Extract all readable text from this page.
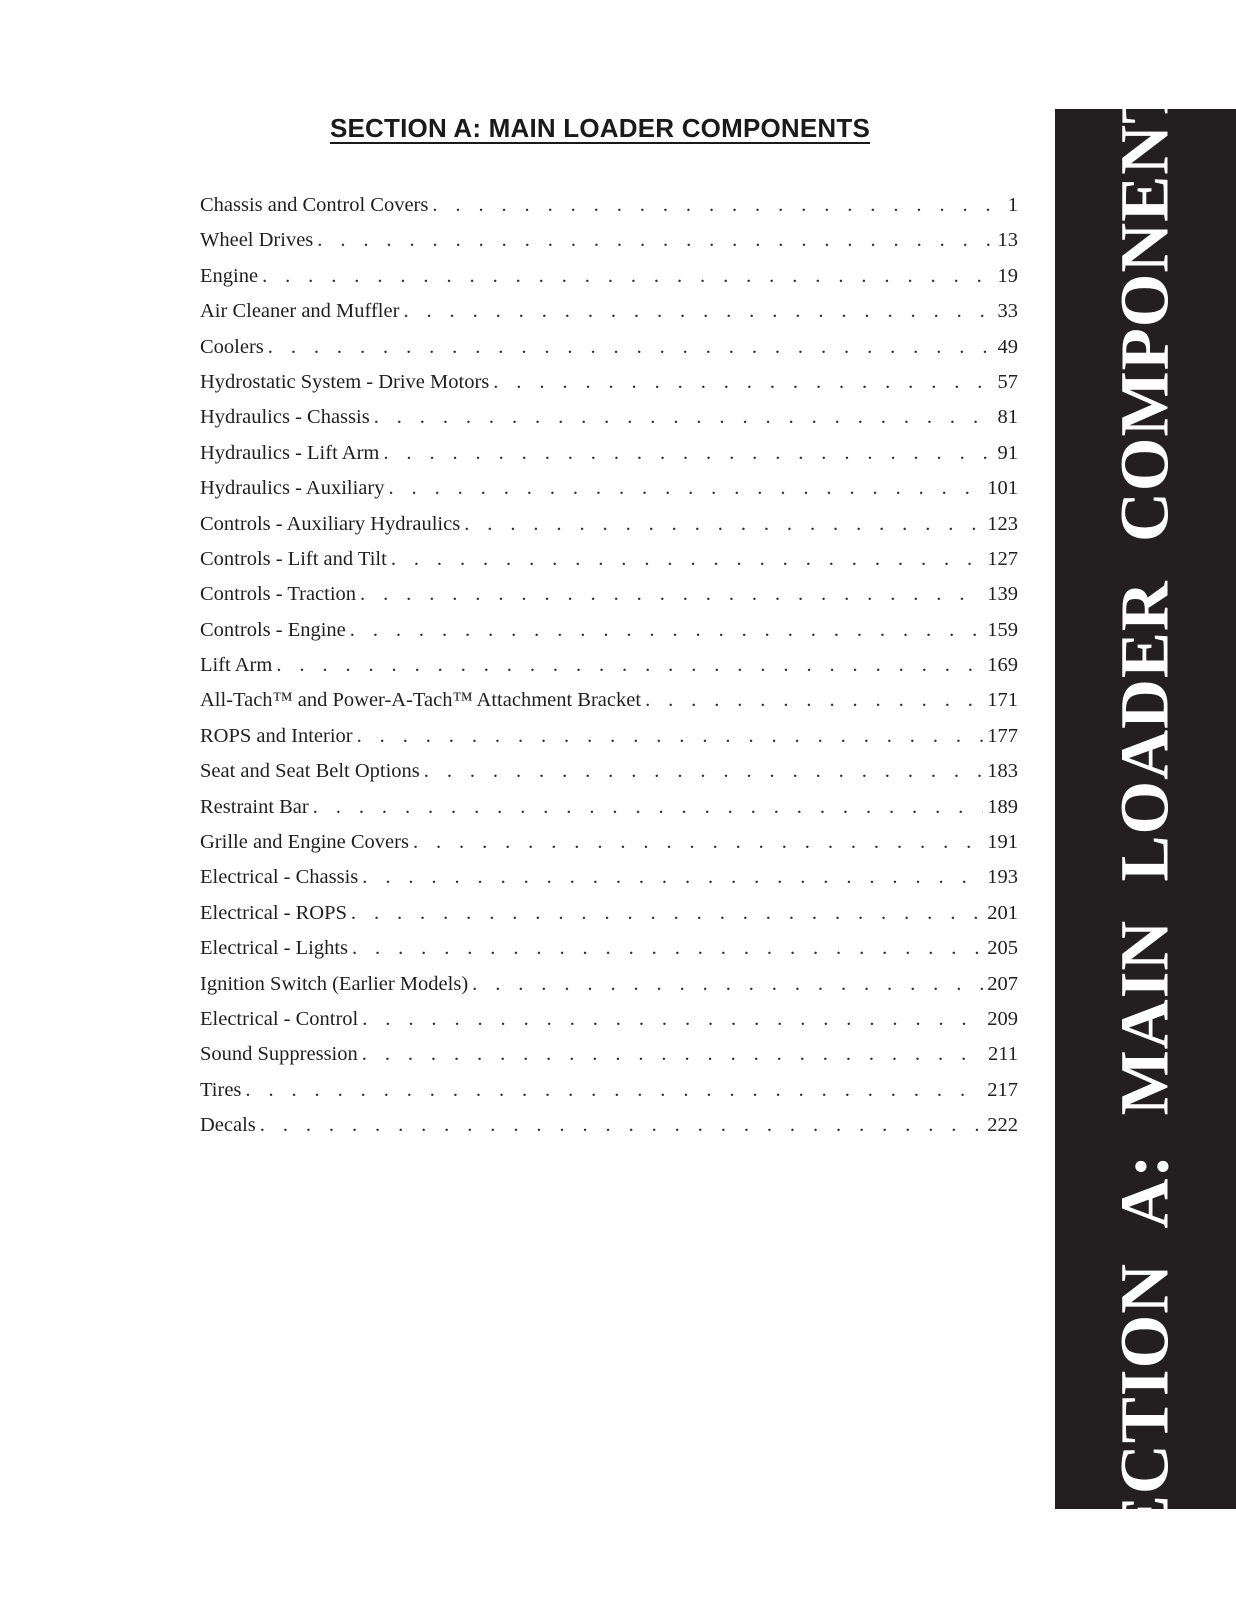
SECTION A: MAIN LOADER COMPONENTS
Chassis and Control Covers . . .	1
Wheel Drives . . .	13
Engine . . .	19
Air Cleaner and Muffler . . .	33
Coolers . . .	49
Hydrostatic System - Drive Motors . . .	57
Hydraulics - Chassis . . .	81
Hydraulics - Lift Arm . . .	91
Hydraulics - Auxiliary . . .	101
Controls - Auxiliary Hydraulics . . .	123
Controls - Lift and Tilt . . .	127
Controls - Traction . . .	139
Controls - Engine . . .	159
Lift Arm . . .	169
All-Tach™ and Power-A-Tach™ Attachment Bracket . . .	171
ROPS and Interior . . .	177
Seat and Seat Belt Options . . .	183
Restraint Bar . . .	189
Grille and Engine Covers . . .	191
Electrical - Chassis . . .	193
Electrical - ROPS . . .	201
Electrical - Lights . . .	205
Ignition Switch (Earlier Models) . . .	207
Electrical - Control . . .	209
Sound Suppression . . .	211
Tires . . .	217
Decals . . .	222 SECTION A: MAIN LOADER COMPONENTS
